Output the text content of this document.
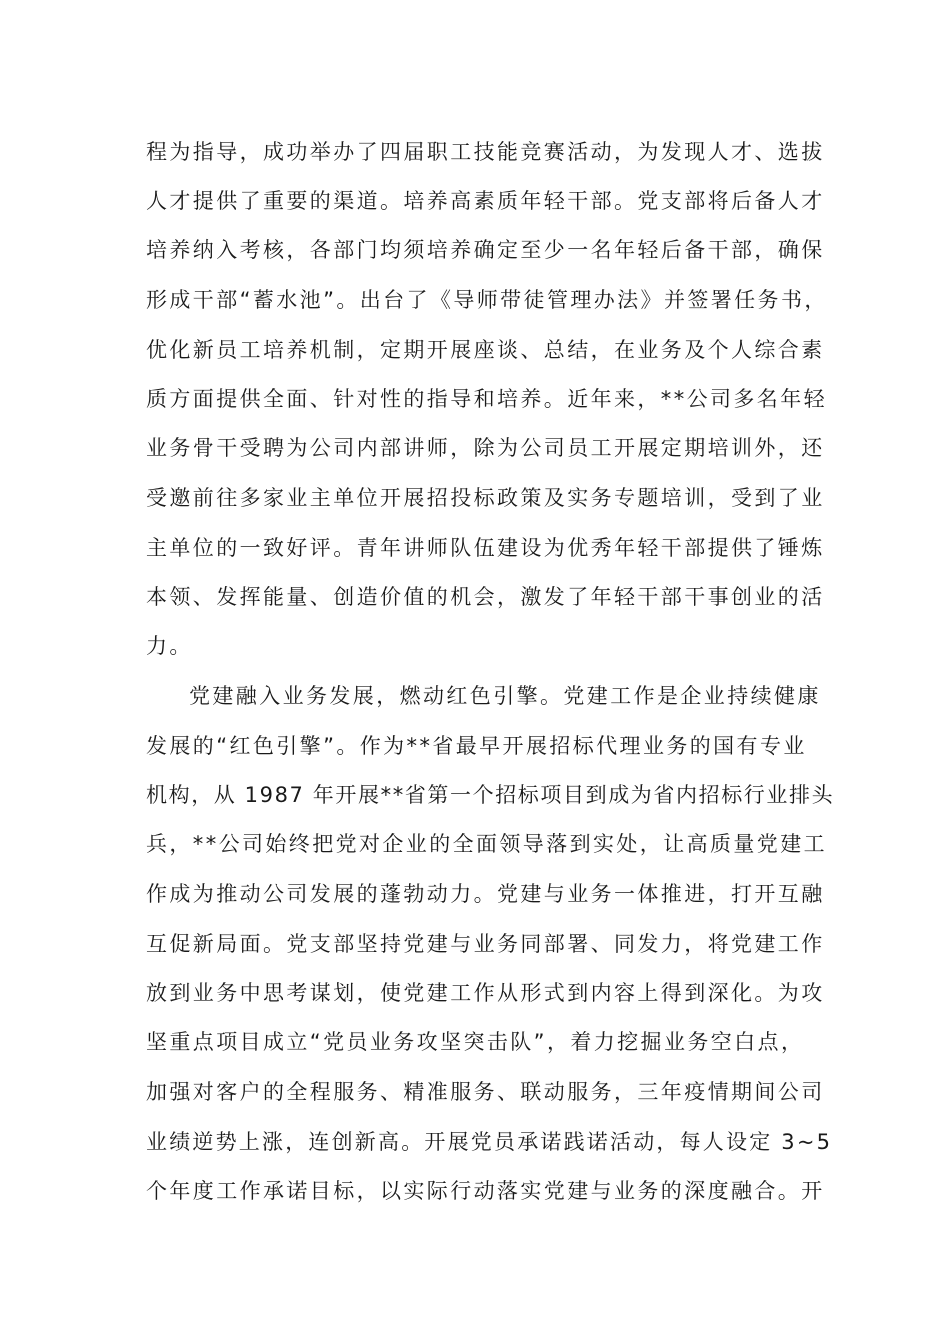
程为指导，成功举办了四届职工技能竞赛活动，为发现人才、选拔
人才提供了重要的渠道。培养高素质年轻干部。党支部将后备人才
培养纳入考核，各部门均须培养确定至少一名年轻后备干部，确保
形成干部“蓄水池”。出台了《导师带徒管理办法》并签署任务书，
优化新员工培养机制，定期开展座谈、总结，在业务及个人综合素
质方面提供全面、针对性的指导和培养。近年来，**公司多名年轻
业务骨干受聘为公司内部讲师，除为公司员工开展定期培训外，还
受邀前往多家业主单位开展招投标政策及实务专题培训，受到了业
主单位的一致好评。青年讲师队伍建设为优秀年轻干部提供了锤炼
本领、发挥能量、创造价值的机会，激发了年轻干部干事创业的活
力。
党建融入业务发展，燃动红色引擎。党建工作是企业持续健康
发展的“红色引擎”。作为**省最早开展招标代理业务的国有专业
机构，从 1987 年开展**省第一个招标项目到成为省内招标行业排头
兵，**公司始终把党对企业的全面领导落到实处，让高质量党建工
作成为推动公司发展的蓬勃动力。党建与业务一体推进，打开互融
互促新局面。党支部坚持党建与业务同部署、同发力，将党建工作
放到业务中思考谋划，使党建工作从形式到内容上得到深化。为攻
坚重点项目成立“党员业务攻坚突击队”，着力挖掘业务空白点，
加强对客户的全程服务、精准服务、联动服务，三年疫情期间公司
业绩逆势上涨，连创新高。开展党员承诺践诺活动，每人设定 3~5
个年度工作承诺目标，以实际行动落实党建与业务的深度融合。开
